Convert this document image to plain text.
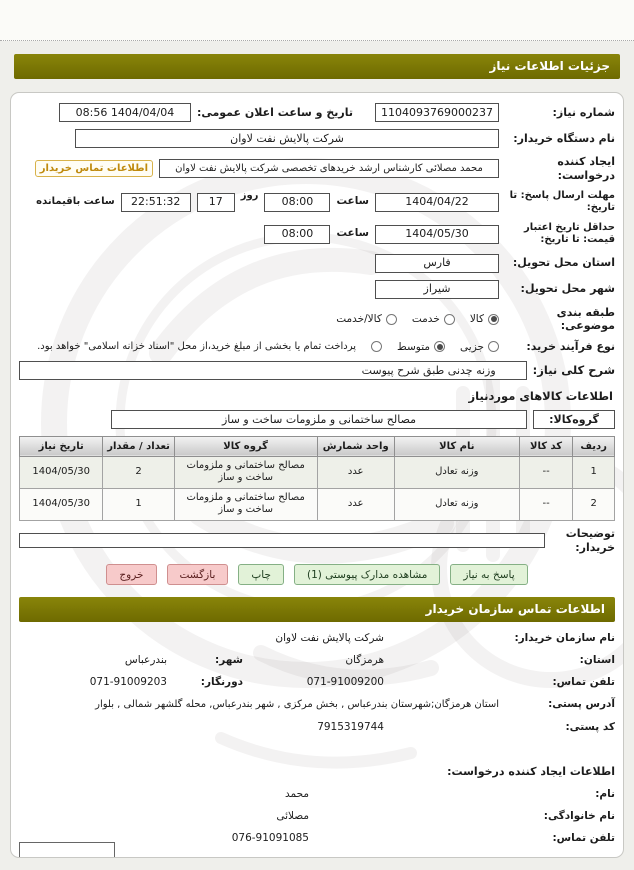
جزئیات اطلاعات نیاز
شماره نیاز:
1104093769000237
تاریخ و ساعت اعلان عمومی:
1404/04/04 08:56
نام دستگاه خریدار:
شرکت پالایش نفت لاوان
ایجاد کننده درخواست:
محمد مصلائی کارشناس ارشد خریدهای تخصصی شرکت پالایش نفت لاوان
اطلاعات تماس خریدار
مهلت ارسال پاسخ: تا تاریخ:
1404/04/22
ساعت
08:00
روز
17
22:51:32
ساعت باقیمانده
حداقل تاریخ اعتبار قیمت: تا تاریخ:
1404/05/30
ساعت
08:00
استان محل تحویل:
فارس
شهر محل تحویل:
شیراز
طبقه بندی موضوعی:
کالا
خدمت
کالا/خدمت
نوع فرآیند خرید:
جزیی
متوسط
پرداخت تمام یا بخشی از مبلغ خرید،از محل "اسناد خزانه اسلامی" خواهد بود.
شرح کلی نیاز:
وزنه چدنی طبق شرح پیوست
اطلاعات کالاهای موردنیاز
گروه‌کالا:
مصالح ساختمانی و ملزومات ساخت و ساز
ردیف	کد کالا	نام کالا	واحد شمارش	گروه کالا	تعداد / مقدار	تاریخ نیاز
1	--	وزنه تعادل	عدد	مصالح ساختمانی و ملزومات ساخت و ساز	2	1404/05/30
2	--	وزنه تعادل	عدد	مصالح ساختمانی و ملزومات ساخت و ساز	1	1404/05/30
توضیحات خریدار:
پاسخ به نیاز
مشاهده مدارک پیوستی (1)
چاپ
بازگشت
خروج
اطلاعات تماس سازمان خریدار
نام سازمان خریدار:
شرکت پالایش نفت لاوان
استان:
هرمزگان
شهر:
بندرعباس
تلفن تماس:
071-91009200
دورنگار:
071-91009203
آدرس پستی:
استان هرمزگان;شهرستان بندرعباس , بخش مرکزی , شهر بندرعباس, محله گلشهر شمالی , بلوار
کد پستی:
7915319744
اطلاعات ایجاد کننده درخواست:
نام:
محمد
نام خانوادگی:
مصلائی
تلفن تماس:
076-91091085
